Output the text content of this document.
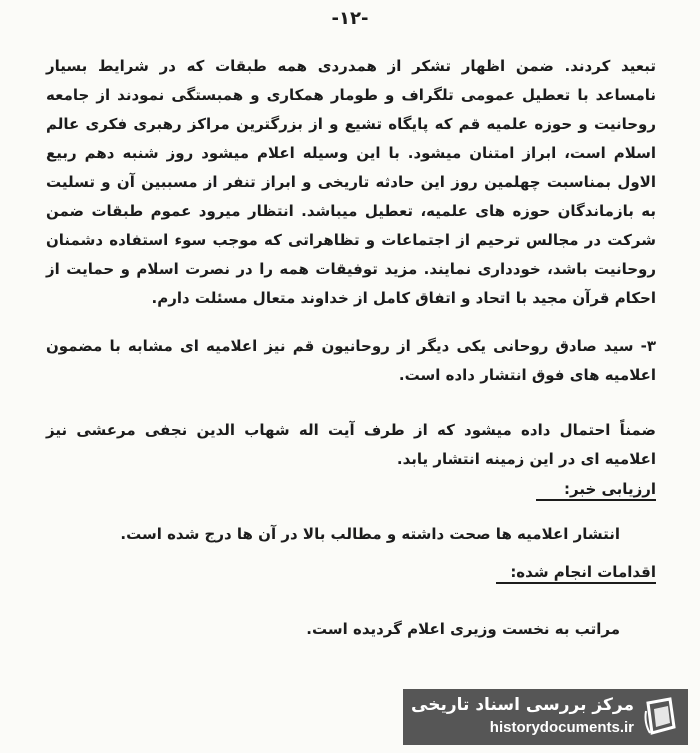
-۱۲-
تبعید کردند. ضمن اظهار تشکر از همدردی همه طبقات که در شرایط بسیار نامساعد با تعطیل عمومی تلگراف و طومار همکاری و همبستگی نمودند از جامعه روحانیت و حوزه علمیه قم که پایگاه تشیع و از بزرگترین مراکز رهبری فکری عالم اسلام است، ابراز امتنان میشود. با این وسیله اعلام میشود روز شنبه دهم ربیع الاول بمناسبت چهلمین روز این حادثه تاریخی و ابراز تنفر از مسببین آن و تسلیت به بازماندگان حوزه های علمیه، تعطیل میباشد. انتظار میرود عموم طبقات ضمن شرکت در مجالس ترحیم از اجتماعات و تظاهراتی که موجب سوء استفاده دشمنان روحانیت باشد، خودداری نمایند. مزید توفیقات همه را در نصرت اسلام و حمایت از احکام قرآن مجید با اتحاد و اتفاق کامل از خداوند متعال مسئلت دارم.
۳- سید صادق روحانی یکی دیگر از روحانیون قم نیز اعلامیه ای مشابه با مضمون اعلامیه های فوق انتشار داده است.
ضمناً احتمال داده میشود که از طرف آیت اله شهاب الدین نجفی مرعشی نیز اعلامیه ای در این زمینه انتشار یابد.
ارزیابی خبر:
انتشار اعلامیه ها صحت داشته و مطالب بالا در آن ها درج شده است.
اقدامات انجام شده:
مراتب به نخست وزیری اعلام گردیده است.
مرکز بررسی اسناد تاریخی
historydocuments.ir
